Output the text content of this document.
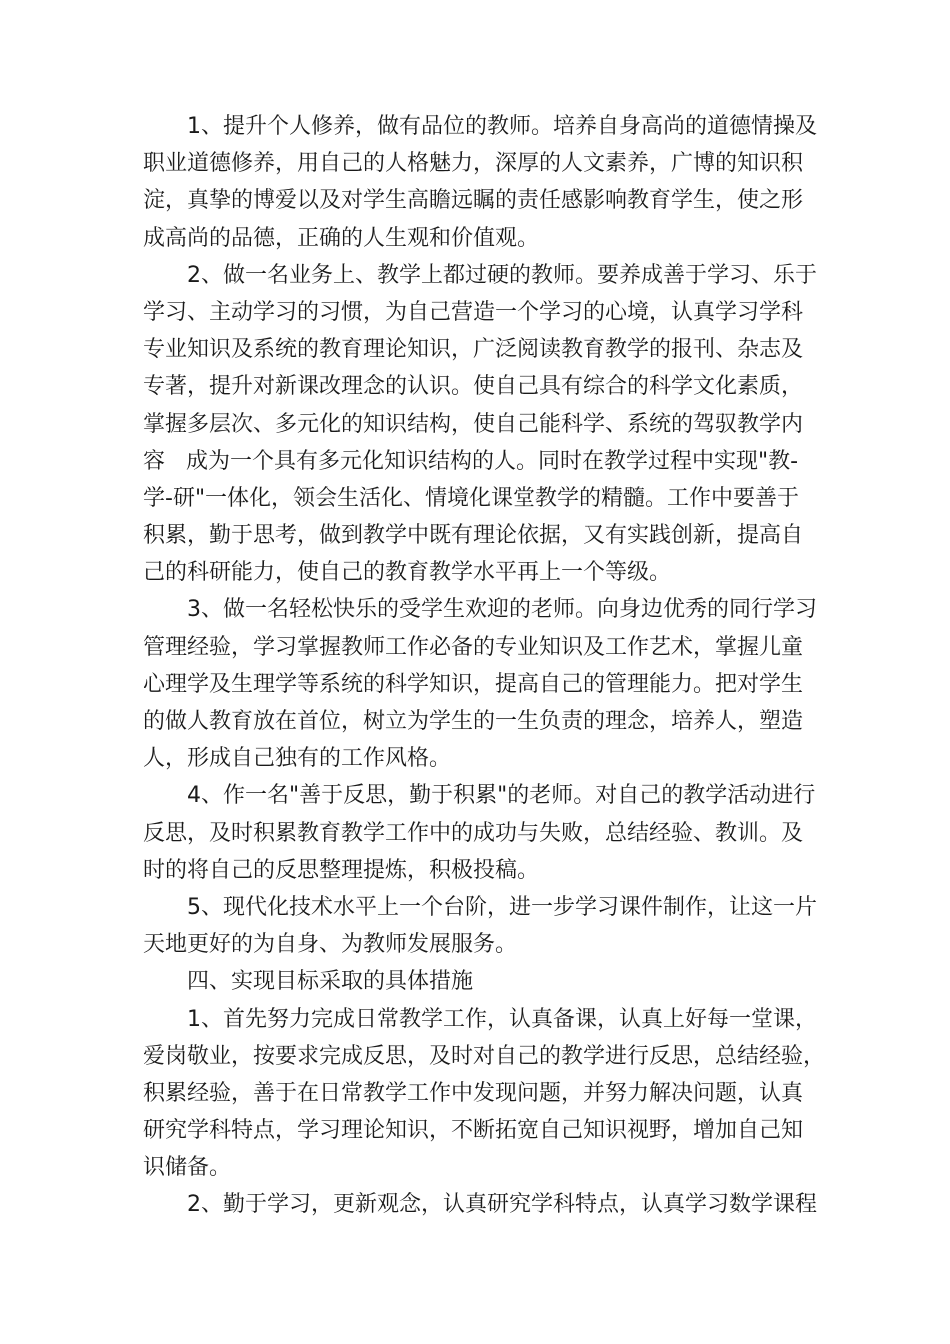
1、提升个人修养，做有品位的教师。培养自身高尚的道德情操及
职业道德修养，用自己的人格魅力，深厚的人文素养，广博的知识积
淀，真挚的博爱以及对学生高瞻远瞩的责任感影响教育学生，使之形
成高尚的品德，正确的人生观和价值观。
2、做一名业务上、教学上都过硬的教师。要养成善于学习、乐于
学习、主动学习的习惯，为自己营造一个学习的心境，认真学习学科
专业知识及系统的教育理论知识，广泛阅读教育教学的报刊、杂志及
专著，提升对新课改理念的认识。使自己具有综合的科学文化素质，
掌握多层次、多元化的知识结构，使自己能科学、系统的驾驭教学内
容   成为一个具有多元化知识结构的人。同时在教学过程中实现"教-
学-研"一体化，领会生活化、情境化课堂教学的精髓。工作中要善于
积累，勤于思考，做到教学中既有理论依据，又有实践创新，提高自
己的科研能力，使自己的教育教学水平再上一个等级。
3、做一名轻松快乐的受学生欢迎的老师。向身边优秀的同行学习
管理经验，学习掌握教师工作必备的专业知识及工作艺术，掌握儿童
心理学及生理学等系统的科学知识，提高自己的管理能力。把对学生
的做人教育放在首位，树立为学生的一生负责的理念，培养人，塑造
人，形成自己独有的工作风格。
4、作一名"善于反思，勤于积累"的老师。对自己的教学活动进行
反思，及时积累教育教学工作中的成功与失败，总结经验、教训。及
时的将自己的反思整理提炼，积极投稿。
5、现代化技术水平上一个台阶，进一步学习课件制作，让这一片
天地更好的为自身、为教师发展服务。
四、实现目标采取的具体措施
1、首先努力完成日常教学工作，认真备课，认真上好每一堂课，
爱岗敬业，按要求完成反思，及时对自己的教学进行反思，总结经验，
积累经验，善于在日常教学工作中发现问题，并努力解决问题，认真
研究学科特点，学习理论知识，不断拓宽自己知识视野，增加自己知
识储备。
2、勤于学习，更新观念，认真研究学科特点，认真学习数学课程
